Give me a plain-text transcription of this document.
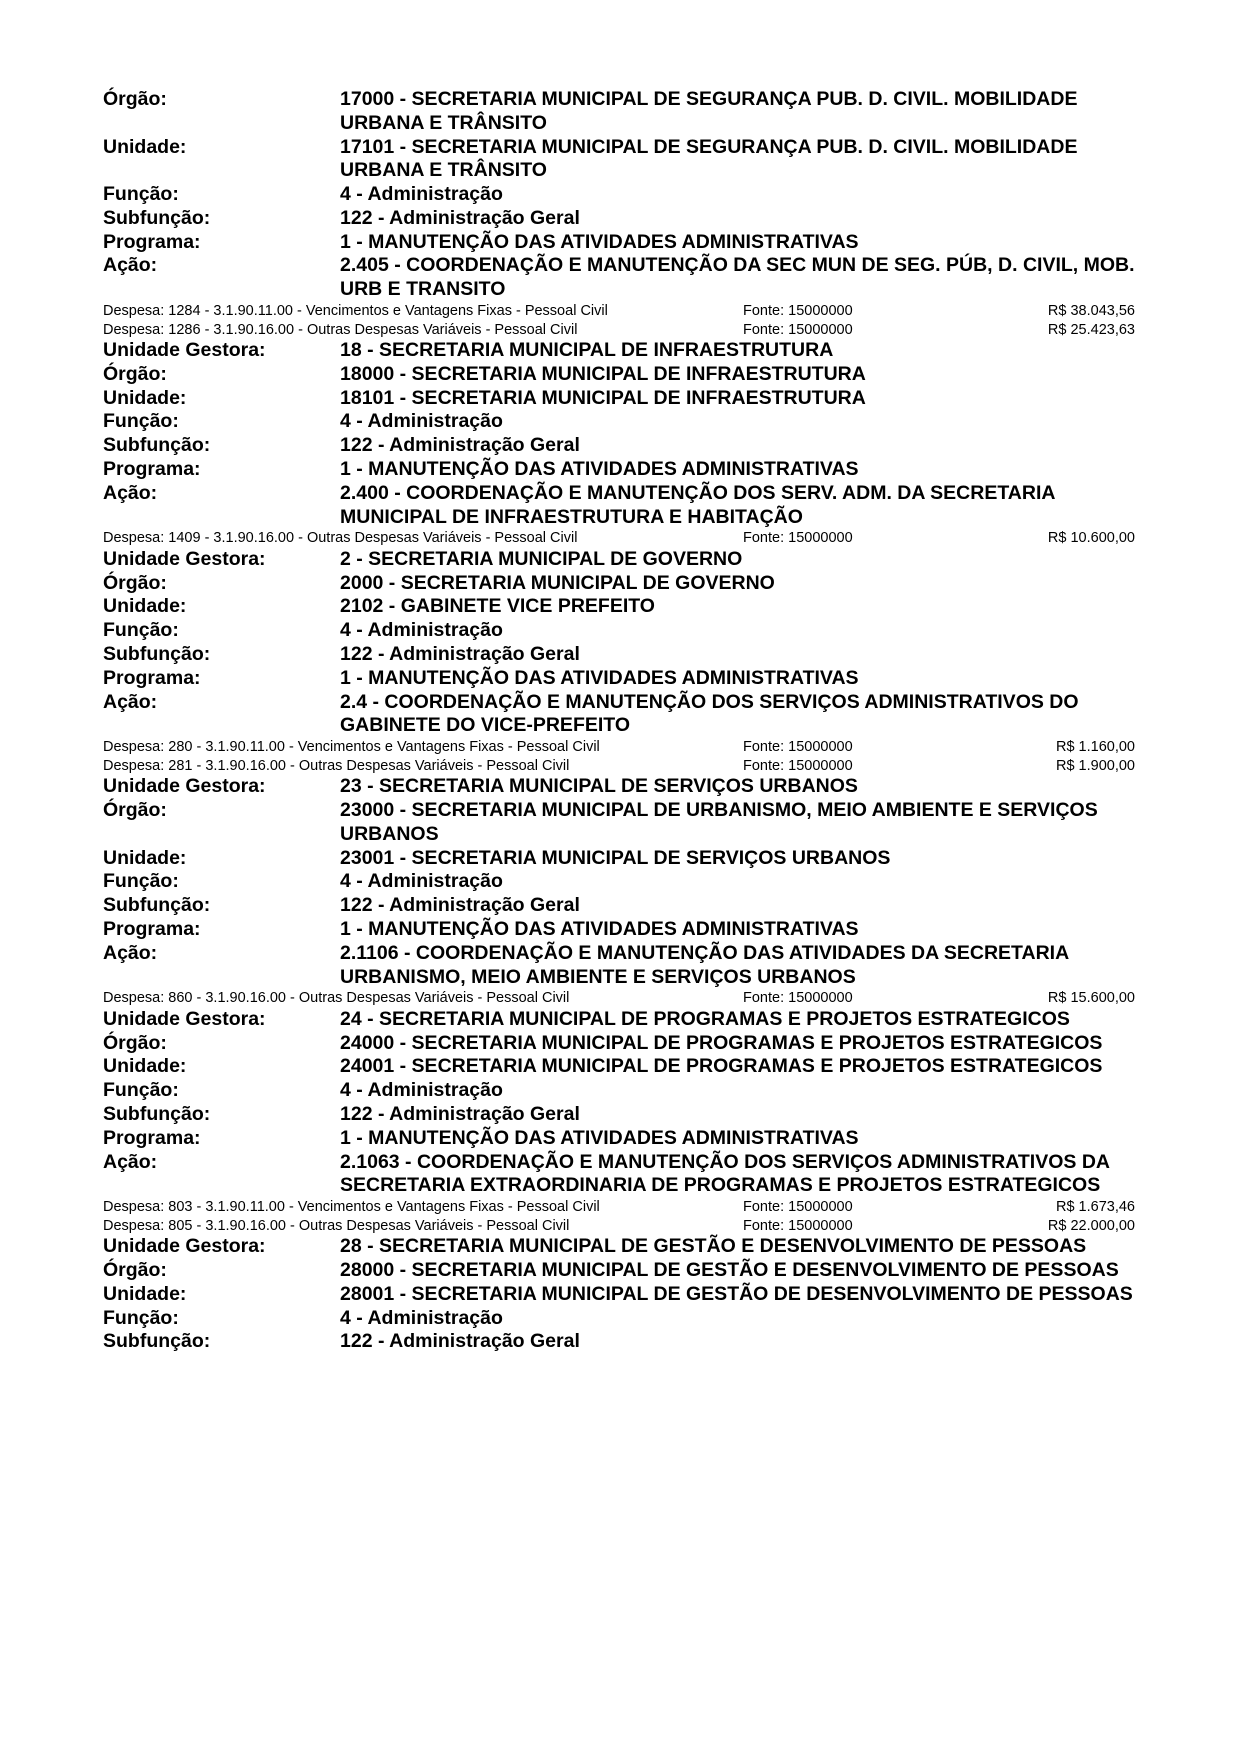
Órgão:	17000 - SECRETARIA MUNICIPAL DE SEGURANÇA PUB. D. CIVIL. MOBILIDADE URBANA E TRÂNSITO
Unidade:	17101 - SECRETARIA MUNICIPAL DE SEGURANÇA PUB. D. CIVIL. MOBILIDADE URBANA E TRÂNSITO
Função:	4 - Administração
Subfunção:	122 - Administração Geral
Programa:	1 - MANUTENÇÃO DAS ATIVIDADES ADMINISTRATIVAS
Ação:	2.405 - COORDENAÇÃO E MANUTENÇÃO DA SEC MUN DE SEG. PÚB, D. CIVIL, MOB. URB E TRANSITO
Despesa: 1284 - 3.1.90.11.00 - Vencimentos e Vantagens Fixas - Pessoal Civil	Fonte: 15000000	R$ 38.043,56
Despesa: 1286 - 3.1.90.16.00 - Outras Despesas Variáveis - Pessoal Civil	Fonte: 15000000	R$ 25.423,63
Unidade Gestora:	18 - SECRETARIA MUNICIPAL DE INFRAESTRUTURA
Órgão:	18000 - SECRETARIA MUNICIPAL DE INFRAESTRUTURA
Unidade:	18101 - SECRETARIA MUNICIPAL DE INFRAESTRUTURA
Função:	4 - Administração
Subfunção:	122 - Administração Geral
Programa:	1 - MANUTENÇÃO DAS ATIVIDADES ADMINISTRATIVAS
Ação:	2.400 - COORDENAÇÃO E MANUTENÇÃO DOS SERV. ADM. DA SECRETARIA MUNICIPAL DE INFRAESTRUTURA E HABITAÇÃO
Despesa: 1409 - 3.1.90.16.00 - Outras Despesas Variáveis - Pessoal Civil	Fonte: 15000000	R$ 10.600,00
Unidade Gestora:	2 - SECRETARIA MUNICIPAL DE GOVERNO
Órgão:	2000 - SECRETARIA MUNICIPAL DE GOVERNO
Unidade:	2102 - GABINETE VICE PREFEITO
Função:	4 - Administração
Subfunção:	122 - Administração Geral
Programa:	1 - MANUTENÇÃO DAS ATIVIDADES ADMINISTRATIVAS
Ação:	2.4 - COORDENAÇÃO E MANUTENÇÃO DOS SERVIÇOS ADMINISTRATIVOS DO GABINETE DO VICE-PREFEITO
Despesa: 280 - 3.1.90.11.00 - Vencimentos e Vantagens Fixas - Pessoal Civil	Fonte: 15000000	R$ 1.160,00
Despesa: 281 - 3.1.90.16.00 - Outras Despesas Variáveis - Pessoal Civil	Fonte: 15000000	R$ 1.900,00
Unidade Gestora:	23 - SECRETARIA MUNICIPAL DE SERVIÇOS URBANOS
Órgão:	23000 - SECRETARIA MUNICIPAL DE URBANISMO, MEIO AMBIENTE E SERVIÇOS URBANOS
Unidade:	23001 - SECRETARIA MUNICIPAL DE SERVIÇOS URBANOS
Função:	4 - Administração
Subfunção:	122 - Administração Geral
Programa:	1 - MANUTENÇÃO DAS ATIVIDADES ADMINISTRATIVAS
Ação:	2.1106 - COORDENAÇÃO E MANUTENÇÃO DAS ATIVIDADES DA SECRETARIA URBANISMO, MEIO AMBIENTE E SERVIÇOS URBANOS
Despesa: 860 - 3.1.90.16.00 - Outras Despesas Variáveis - Pessoal Civil	Fonte: 15000000	R$ 15.600,00
Unidade Gestora:	24 - SECRETARIA MUNICIPAL DE PROGRAMAS E PROJETOS ESTRATEGICOS
Órgão:	24000 - SECRETARIA MUNICIPAL DE PROGRAMAS E PROJETOS ESTRATEGICOS
Unidade:	24001 - SECRETARIA MUNICIPAL DE PROGRAMAS E PROJETOS ESTRATEGICOS
Função:	4 - Administração
Subfunção:	122 - Administração Geral
Programa:	1 - MANUTENÇÃO DAS ATIVIDADES ADMINISTRATIVAS
Ação:	2.1063 - COORDENAÇÃO E MANUTENÇÃO DOS SERVIÇOS ADMINISTRATIVOS DA SECRETARIA EXTRAORDINARIA DE PROGRAMAS E PROJETOS ESTRATEGICOS
Despesa: 803 - 3.1.90.11.00 - Vencimentos e Vantagens Fixas - Pessoal Civil	Fonte: 15000000	R$ 1.673,46
Despesa: 805 - 3.1.90.16.00 - Outras Despesas Variáveis - Pessoal Civil	Fonte: 15000000	R$ 22.000,00
Unidade Gestora:	28 - SECRETARIA MUNICIPAL DE GESTÃO E DESENVOLVIMENTO DE PESSOAS
Órgão:	28000 - SECRETARIA MUNICIPAL DE GESTÃO E DESENVOLVIMENTO DE PESSOAS
Unidade:	28001 - SECRETARIA MUNICIPAL DE GESTÃO DE DESENVOLVIMENTO DE PESSOAS
Função:	4 - Administração
Subfunção:	122 - Administração Geral
